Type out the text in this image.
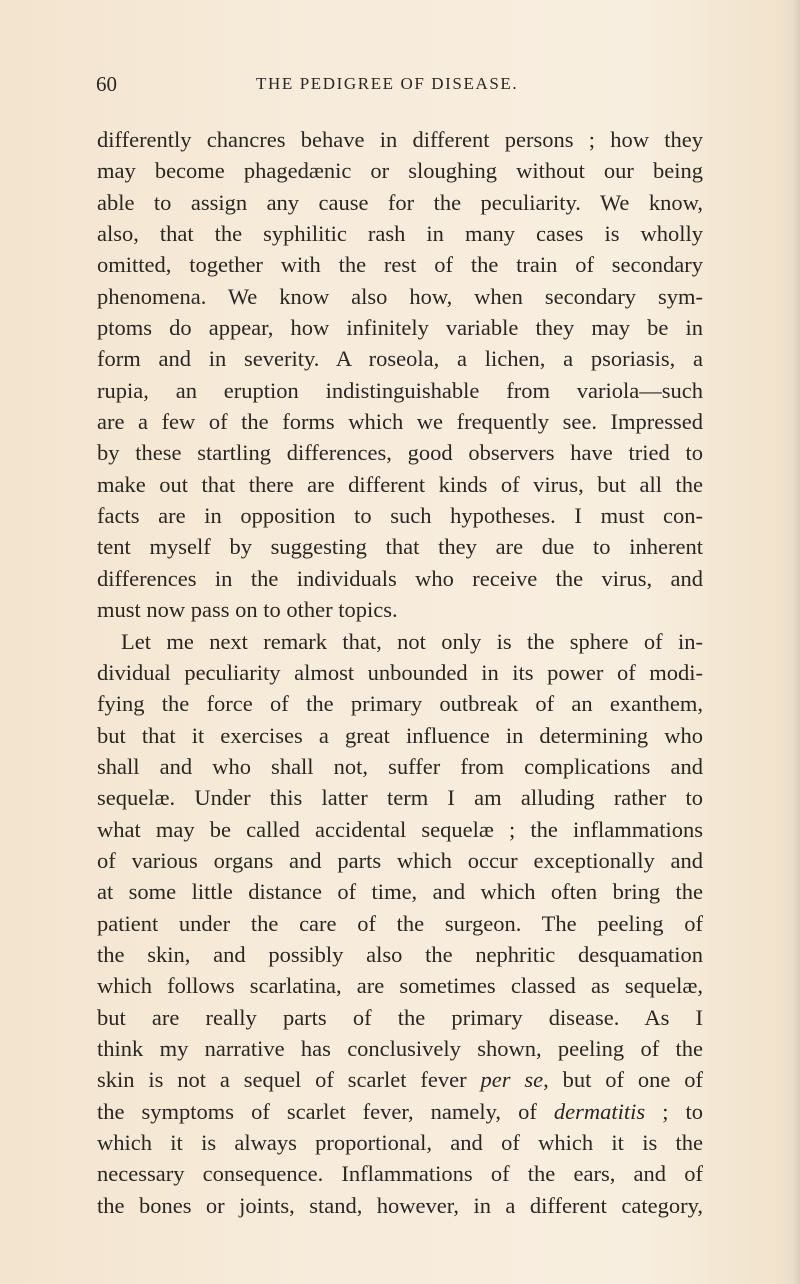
60	THE PEDIGREE OF DISEASE.
differently chancres behave in different persons ; how they
may become phagedænic or sloughing without our being
able to assign any cause for the peculiarity. We know,
also, that the syphilitic rash in many cases is wholly
omitted, together with the rest of the train of secondary
phenomena. We know also how, when secondary sym-
ptoms do appear, how infinitely variable they may be in
form and in severity. A roseola, a lichen, a psoriasis, a
rupia, an eruption indistinguishable from variola—such
are a few of the forms which we frequently see. Impressed
by these startling differences, good observers have tried to
make out that there are different kinds of virus, but all the
facts are in opposition to such hypotheses. I must con-
tent myself by suggesting that they are due to inherent
differences in the individuals who receive the virus, and
must now pass on to other topics.
Let me next remark that, not only is the sphere of in-
dividual peculiarity almost unbounded in its power of modi-
fying the force of the primary outbreak of an exanthem,
but that it exercises a great influence in determining who
shall and who shall not, suffer from complications and
sequelæ. Under this latter term I am alluding rather to
what may be called accidental sequelæ ; the inflammations
of various organs and parts which occur exceptionally and
at some little distance of time, and which often bring the
patient under the care of the surgeon. The peeling of
the skin, and possibly also the nephritic desquamation
which follows scarlatina, are sometimes classed as sequelæ,
but are really parts of the primary disease. As I
think my narrative has conclusively shown, peeling of the
skin is not a sequel of scarlet fever per se, but of one of
the symptoms of scarlet fever, namely, of dermatitis ; to
which it is always proportional, and of which it is the
necessary consequence. Inflammations of the ears, and of
the bones or joints, stand, however, in a different category,
